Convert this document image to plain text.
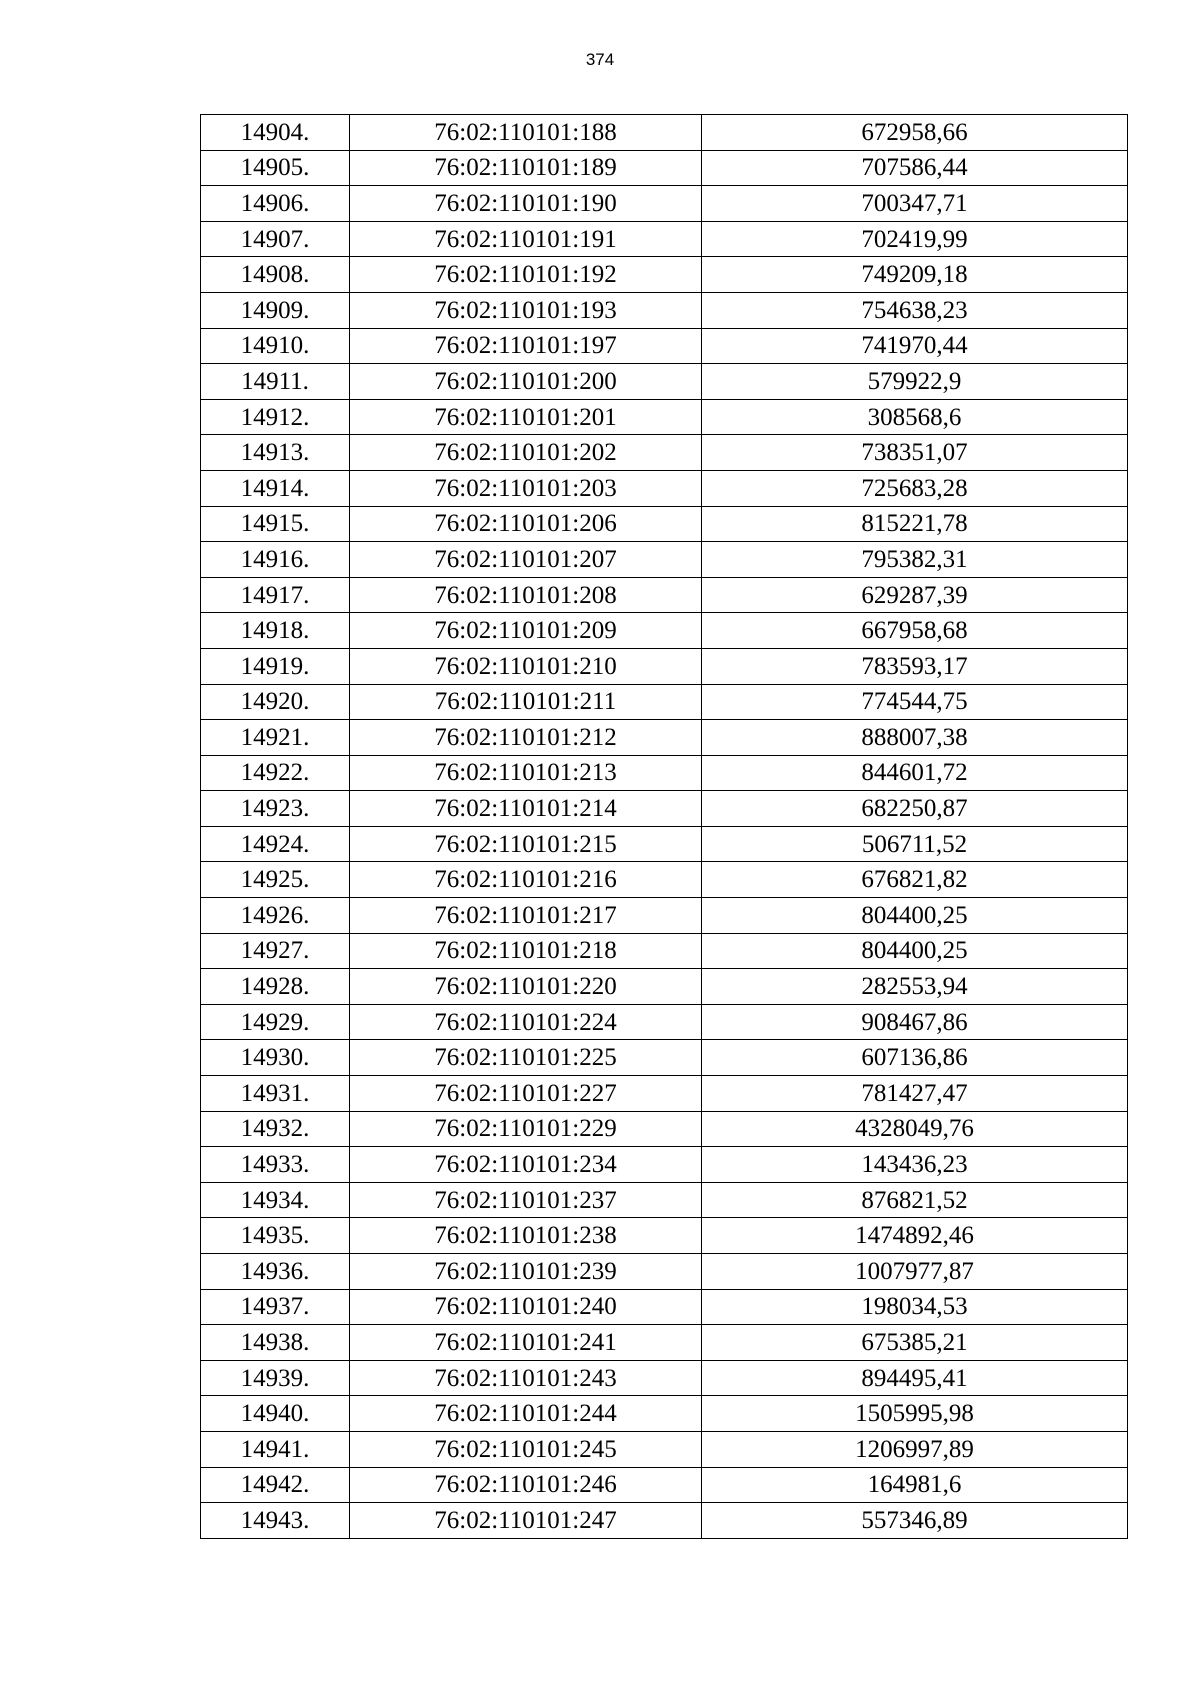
374
14904.	76:02:110101:188	672958,66
14905.	76:02:110101:189	707586,44
14906.	76:02:110101:190	700347,71
14907.	76:02:110101:191	702419,99
14908.	76:02:110101:192	749209,18
14909.	76:02:110101:193	754638,23
14910.	76:02:110101:197	741970,44
14911.	76:02:110101:200	579922,9
14912.	76:02:110101:201	308568,6
14913.	76:02:110101:202	738351,07
14914.	76:02:110101:203	725683,28
14915.	76:02:110101:206	815221,78
14916.	76:02:110101:207	795382,31
14917.	76:02:110101:208	629287,39
14918.	76:02:110101:209	667958,68
14919.	76:02:110101:210	783593,17
14920.	76:02:110101:211	774544,75
14921.	76:02:110101:212	888007,38
14922.	76:02:110101:213	844601,72
14923.	76:02:110101:214	682250,87
14924.	76:02:110101:215	506711,52
14925.	76:02:110101:216	676821,82
14926.	76:02:110101:217	804400,25
14927.	76:02:110101:218	804400,25
14928.	76:02:110101:220	282553,94
14929.	76:02:110101:224	908467,86
14930.	76:02:110101:225	607136,86
14931.	76:02:110101:227	781427,47
14932.	76:02:110101:229	4328049,76
14933.	76:02:110101:234	143436,23
14934.	76:02:110101:237	876821,52
14935.	76:02:110101:238	1474892,46
14936.	76:02:110101:239	1007977,87
14937.	76:02:110101:240	198034,53
14938.	76:02:110101:241	675385,21
14939.	76:02:110101:243	894495,41
14940.	76:02:110101:244	1505995,98
14941.	76:02:110101:245	1206997,89
14942.	76:02:110101:246	164981,6
14943.	76:02:110101:247	557346,89
